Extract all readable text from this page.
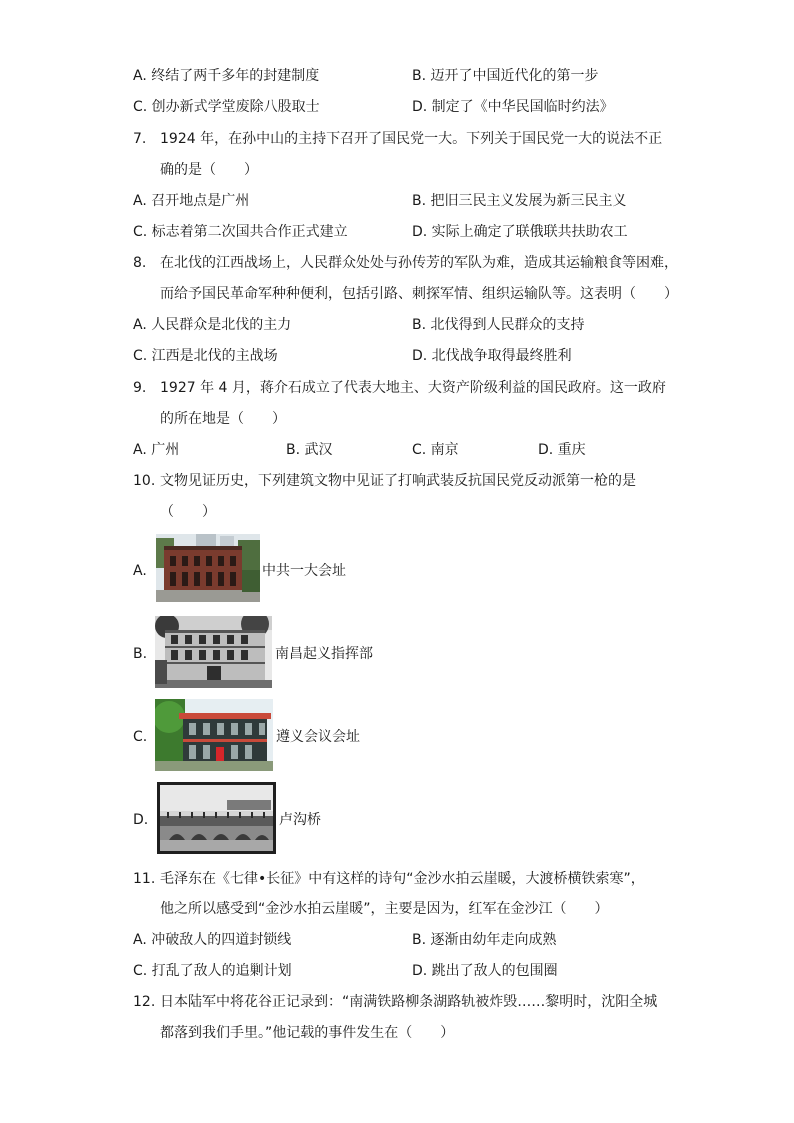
A. 终结了两千多年的封建制度	B. 迈开了中国近代化的第一步
C. 创办新式学堂废除八股取士	D. 制定了《中华民国临时约法》
7. 1924 年，在孙中山的主持下召开了国民党一大。下列关于国民党一大的说法不正
确的是（　　）
A. 召开地点是广州	B. 把旧三民主义发展为新三民主义
C. 标志着第二次国共合作正式建立	D. 实际上确定了联俄联共扶助农工
8. 在北伐的江西战场上，人民群众处处与孙传芳的军队为难，造成其运输粮食等困难，
而给予国民革命军种种便利，包括引路、刺探军情、组织运输队等。这表明（　　）
A. 人民群众是北伐的主力	B. 北伐得到人民群众的支持
C. 江西是北伐的主战场	D. 北伐战争取得最终胜利
9. 1927 年 4 月，蒋介石成立了代表大地主、大资产阶级利益的国民政府。这一政府
的所在地是（　　）
A. 广州	B. 武汉	C. 南京	D. 重庆
10. 文物见证历史，下列建筑文物中见证了打响武装反抗国民党反动派第一枪的是
（　　）
A.	中共一大会址
B.	南昌起义指挥部
C.	遵义会议会址
D.	卢沟桥
11. 毛泽东在《七律•长征》中有这样的诗句“金沙水拍云崖暖，大渡桥横铁索寒”，
他之所以感受到“金沙水拍云崖暖”，主要是因为，红军在金沙江（　　）
A. 冲破敌人的四道封锁线	B. 逐渐由幼年走向成熟
C. 打乱了敌人的追剿计划	D. 跳出了敌人的包围圈
12. 日本陆军中将花谷正记录到：“南满铁路柳条湖路轨被炸毁……黎明时，沈阳全城
都落到我们手里。”他记载的事件发生在（　　）
